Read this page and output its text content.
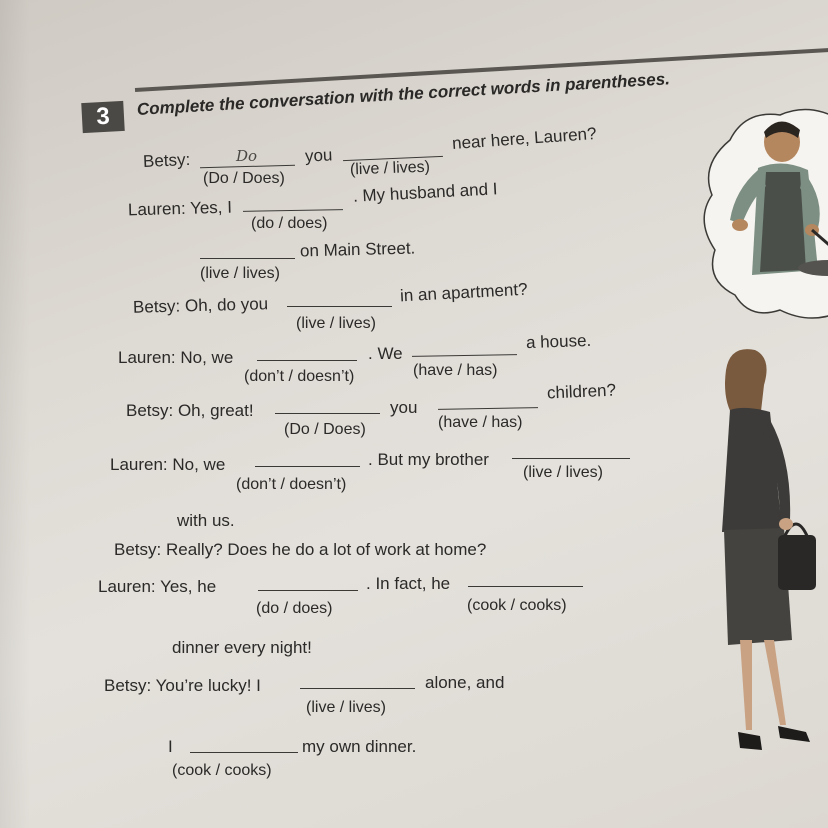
3	Complete the conversation with the correct words in parentheses.
Betsy:	Do	you
near here, Lauren?
(Do / Does)
(live / lives)
Lauren: Yes, I
. My husband and I
(do / does)
on Main Street.
(live / lives)
Betsy: Oh, do you
in an apartment?
(live / lives)
Lauren: No, we	. We
a house.
(don’t / doesn’t)	(have / has)
Betsy: Oh, great!	you
children?
(Do / Does)	(have / has)
Lauren: No, we	. But my brother
(don’t / doesn’t)
(live / lives)
with us.
Betsy: Really? Does he do a lot of work at home?
Lauren: Yes, he	. In fact, he
(do / does)	(cook / cooks)
dinner every night!
Betsy: You’re lucky! I	alone, and
(live / lives)
I	my own dinner.
(cook / cooks)
